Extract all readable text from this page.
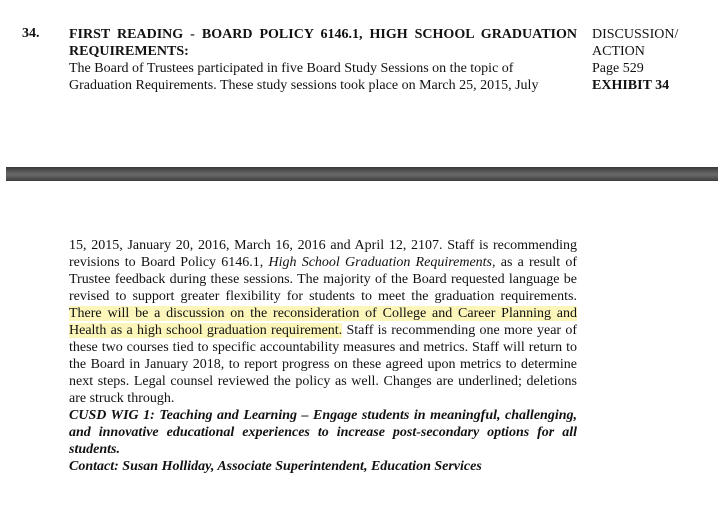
34. FIRST READING - BOARD POLICY 6146.1, HIGH SCHOOL GRADUATION REQUIREMENTS:
The Board of Trustees participated in five Board Study Sessions on the topic of
Graduation Requirements. These study sessions took place on March 25, 2015, July
DISCUSSION/
ACTION
Page 529
EXHIBIT 34

15, 2015, January 20, 2016, March 16, 2016 and April 12, 2107. Staff is recommending revisions to Board Policy 6146.1, High School Graduation Requirements, as a result of Trustee feedback during these sessions. The majority of the Board requested language be revised to support greater flexibility for students to meet the graduation requirements. There will be a discussion on the reconsideration of College and Career Planning and Health as a high school graduation requirement. Staff is recommending one more year of these two courses tied to specific accountability measures and metrics. Staff will return to the Board in January 2018, to report progress on these agreed upon metrics to determine next steps. Legal counsel reviewed the policy as well. Changes are underlined; deletions are struck through.

CUSD WIG 1: Teaching and Learning – Engage students in meaningful, challenging, and innovative educational experiences to increase post-secondary options for all students.

Contact: Susan Holliday, Associate Superintendent, Education Services
